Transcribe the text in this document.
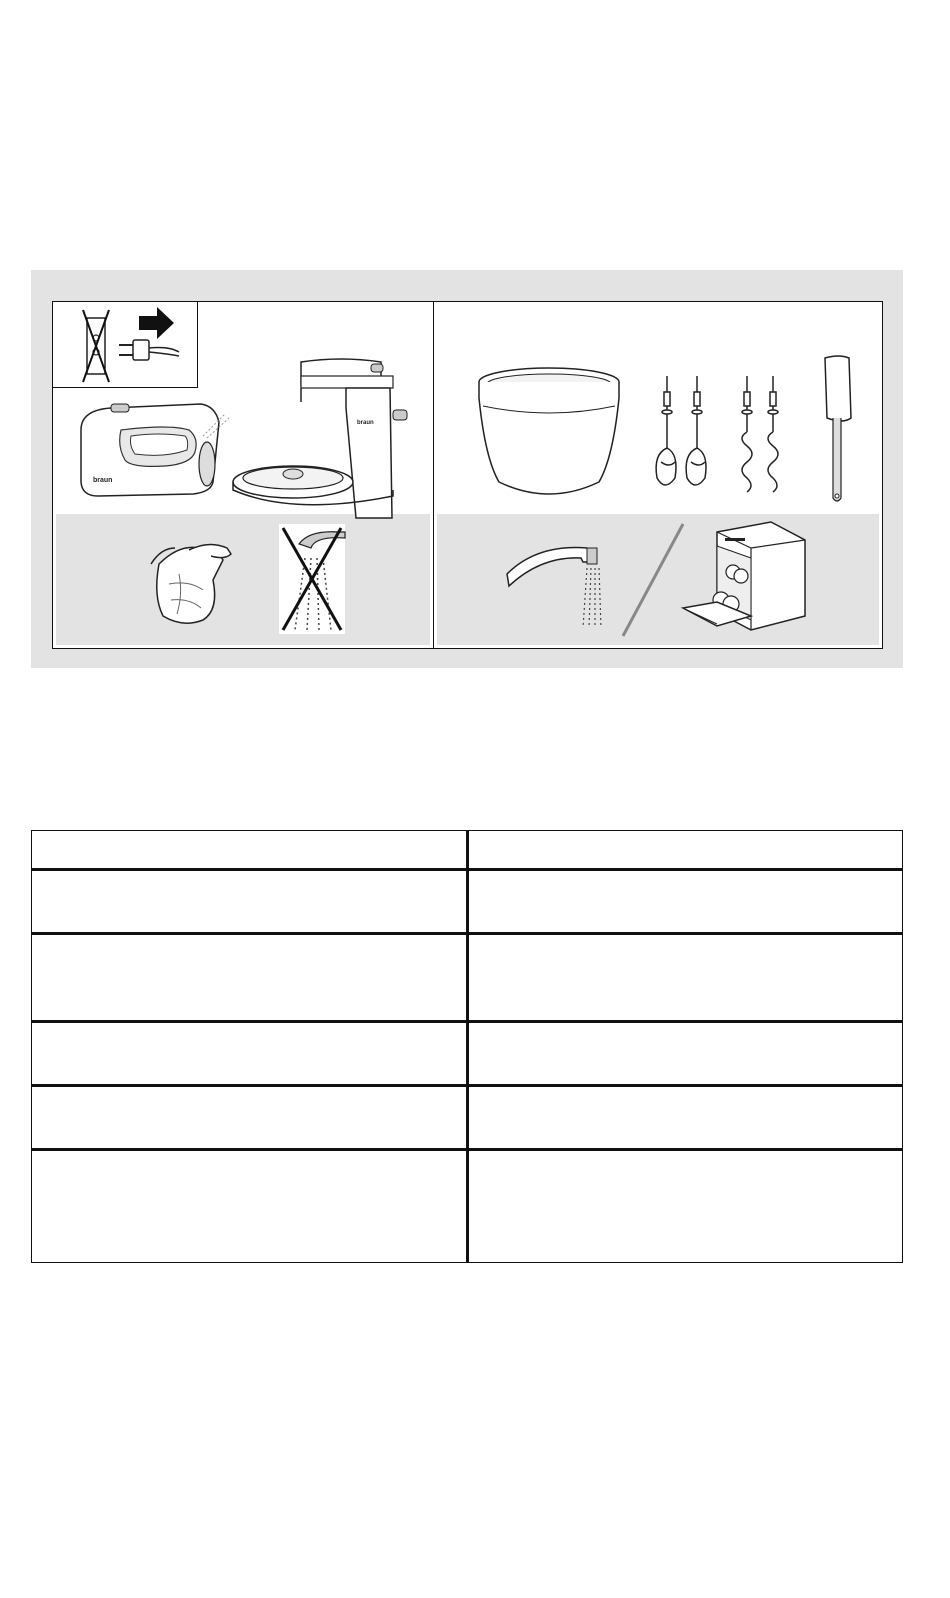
braun
braun
